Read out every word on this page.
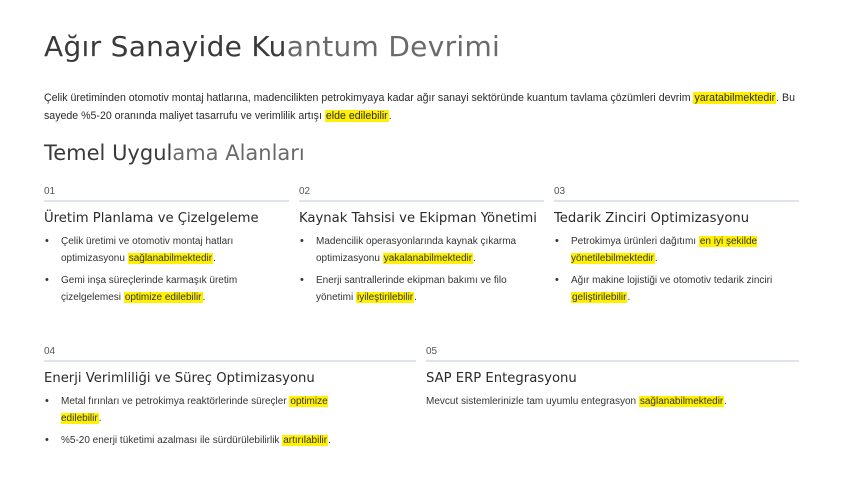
Ağır Sanayide Kuantum Devrimi

Çelik üretiminden otomotiv montaj hatlarına, madencilikten petrokimyaya kadar ağır sanayi sektöründe kuantum tavlama çözümleri devrim yaratabilmektedir. Bu sayede %5-20 oranında maliyet tasarrufu ve verimlilik artışı elde edilebilir.

Temel Uygulama Alanları
01
Üretim Planlama ve Çizelgeleme
• Çelik üretimi ve otomotiv montaj hatları optimizasyonu sağlanabilmektedir.
• Gemi inşa süreçlerinde karmaşık üretim çizelgelemesi optimize edilebilir.
02
Kaynak Tahsisi ve Ekipman Yönetimi
• Madencilik operasyonlarında kaynak çıkarma optimizasyonu yakalanabilmektedir.
• Enerji santrallerinde ekipman bakımı ve filo yönetimi iyileştirilebilir.
03
Tedarik Zinciri Optimizasyonu
• Petrokimya ürünleri dağıtımı en iyi şekilde yönetilebilmektedir.
• Ağır makine lojistiği ve otomotiv tedarik zinciri geliştirilebilir.
04
Enerji Verimliliği ve Süreç Optimizasyonu
• Metal fırınları ve petrokimya reaktörlerinde süreçler optimize edilebilir.
• %5-20 enerji tüketimi azalması ile sürdürülebilirlik artırılabilir.
05
SAP ERP Entegrasyonu

Mevcut sistemlerinizle tam uyumlu entegrasyon sağlanabilmektedir.
